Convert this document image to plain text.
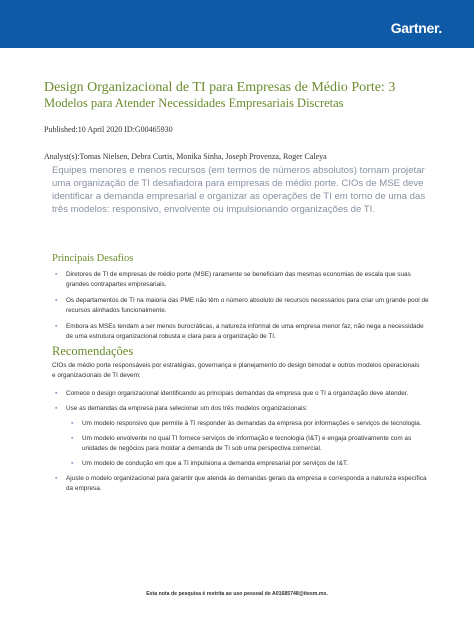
Gartner.
Design Organizacional de TI para Empresas de Médio Porte: 3
Modelos para Atender Necessidades Empresariais Discretas
Published:10 April 2020 ID:G00465930
Analyst(s):Tomas Nielsen, Debra Curtis, Monika Sinha, Joseph Provenza, Roger Caleya
Equipes menores e menos recursos (em termos de números absolutos) tornam projetar uma organização de TI desafiadora para empresas de médio porte. CIOs de MSE deve identificar a demanda empresarial e organizar as operações de TI em torno de uma das três modelos: responsivo, envolvente ou impulsionando organizações de TI.
Principais Desafios
▪ Diretores de TI de empresas de médio porte (MSE) raramente se beneficiam das mesmas economias de escala que suas grandes contrapartes empresariais.
▪ Os departamentos de TI na maioria das PME não têm o número absoluto de recursos necessários para criar um grande pool de recursos alinhados funcionalmente.
▪ Embora as MSEs tendam a ser menos burocráticas, a natureza informal de uma empresa menor faz, não nega a necessidade de uma estrutura organizacional robusta e clara para a organização de TI.
Recomendações
CIOs de médio porte responsáveis por estratégias, governança e planejamento do design bimodal e outros modelos operacionais e organizacionais de TI devem:
▪ Comece o design organizacional identificando as principais demandas da empresa que o TI a organização deve atender.
▪ Use as demandas da empresa para selecionar um dos três modelos organizacionais:
▪ Um modelo responsivo que permite à TI responder às demandas da empresa por informações e serviços de tecnologia.
▪ Um modelo envolvente no qual TI fornece serviços de informação e tecnologia (I&T) e engaja proativamente com as unidades de negócios para moldar a demanda de TI sob uma perspectiva comercial.
▪ Um modelo de condução em que a TI impulsiona a demanda empresarial por serviços de I&T.
▪ Ajuste o modelo organizacional para garantir que atenda às demandas gerais da empresa e corresponda a natureza específica da empresa.
Esta nota de pesquisa é restrita ao uso pessoal de A01685748@itesm.mx.
